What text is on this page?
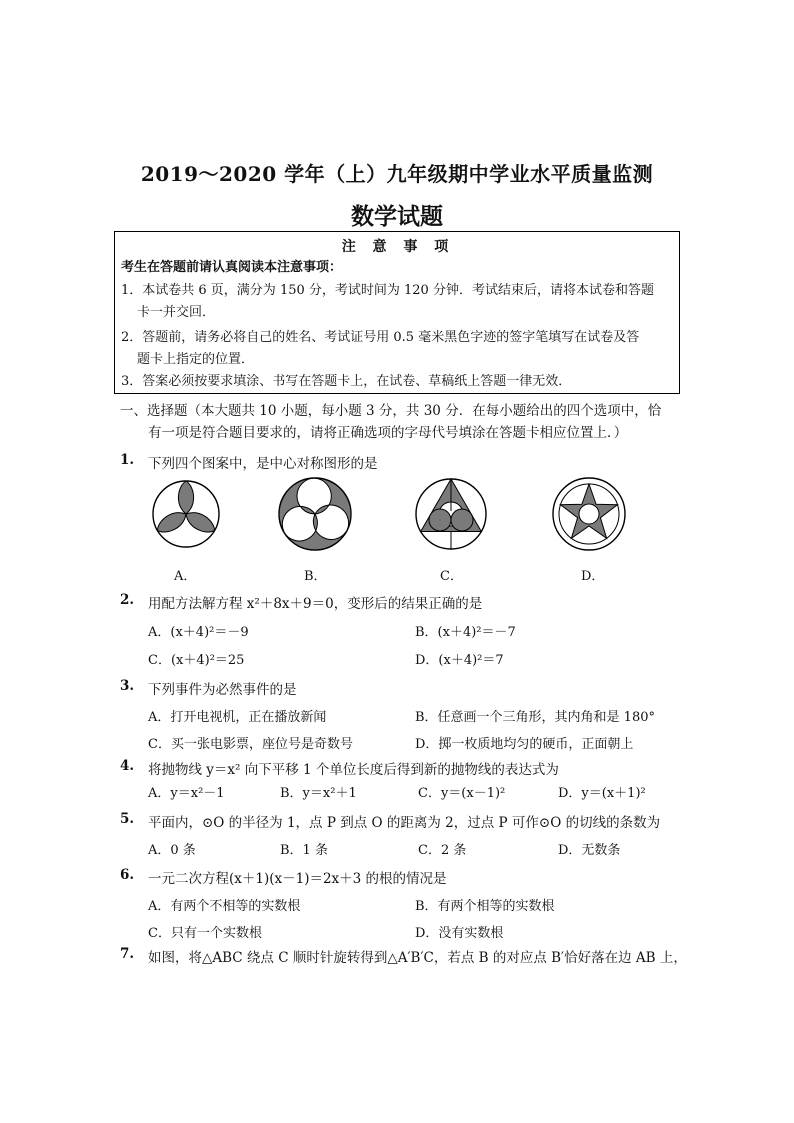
2019～2020 学年（上）九年级期中学业水平质量监测
数学试题
注 意 事 项
考生在答题前请认真阅读本注意事项：
1．本试卷共 6 页，满分为 150 分，考试时间为 120 分钟．考试结束后，请将本试卷和答题
卡一并交回．
2．答题前，请务必将自己的姓名、考试证号用 0.5 毫米黑色字迹的签字笔填写在试卷及答
题卡上指定的位置．
3．答案必须按要求填涂、书写在答题卡上，在试卷、草稿纸上答题一律无效．
一、选择题（本大题共 10 小题，每小题 3 分，共 30 分．在每小题给出的四个选项中，恰
有一项是符合题目要求的，请将正确选项的字母代号填涂在答题卡相应位置上．）
1. 下列四个图案中，是中心对称图形的是
A．	B．	C．	D．
2. 用配方法解方程 x²＋8x＋9＝0，变形后的结果正确的是
A．(x＋4)²＝－9	B．(x＋4)²＝－7
C．(x＋4)²＝25	D．(x＋4)²＝7
3. 下列事件为必然事件的是
A．打开电视机，正在播放新闻	B．任意画一个三角形，其内角和是 180°
C．买一张电影票，座位号是奇数号	D．掷一枚质地均匀的硬币，正面朝上
4. 将抛物线 y＝x² 向下平移 1 个单位长度后得到新的抛物线的表达式为
A．y＝x²－1	B．y＝x²＋1	C．y＝(x－1)²	D．y＝(x＋1)²
5. 平面内，⊙O 的半径为 1，点 P 到点 O 的距离为 2，过点 P 可作⊙O 的切线的条数为
A．0 条	B．1 条	C．2 条	D．无数条
6. 一元二次方程(x＋1)(x－1)＝2x＋3 的根的情况是
A．有两个不相等的实数根	B．有两个相等的实数根
C．只有一个实数根	D．没有实数根
7. 如图，将△ABC 绕点 C 顺时针旋转得到△A′B′C，若点 B 的对应点 B′恰好落在边 AB 上，
